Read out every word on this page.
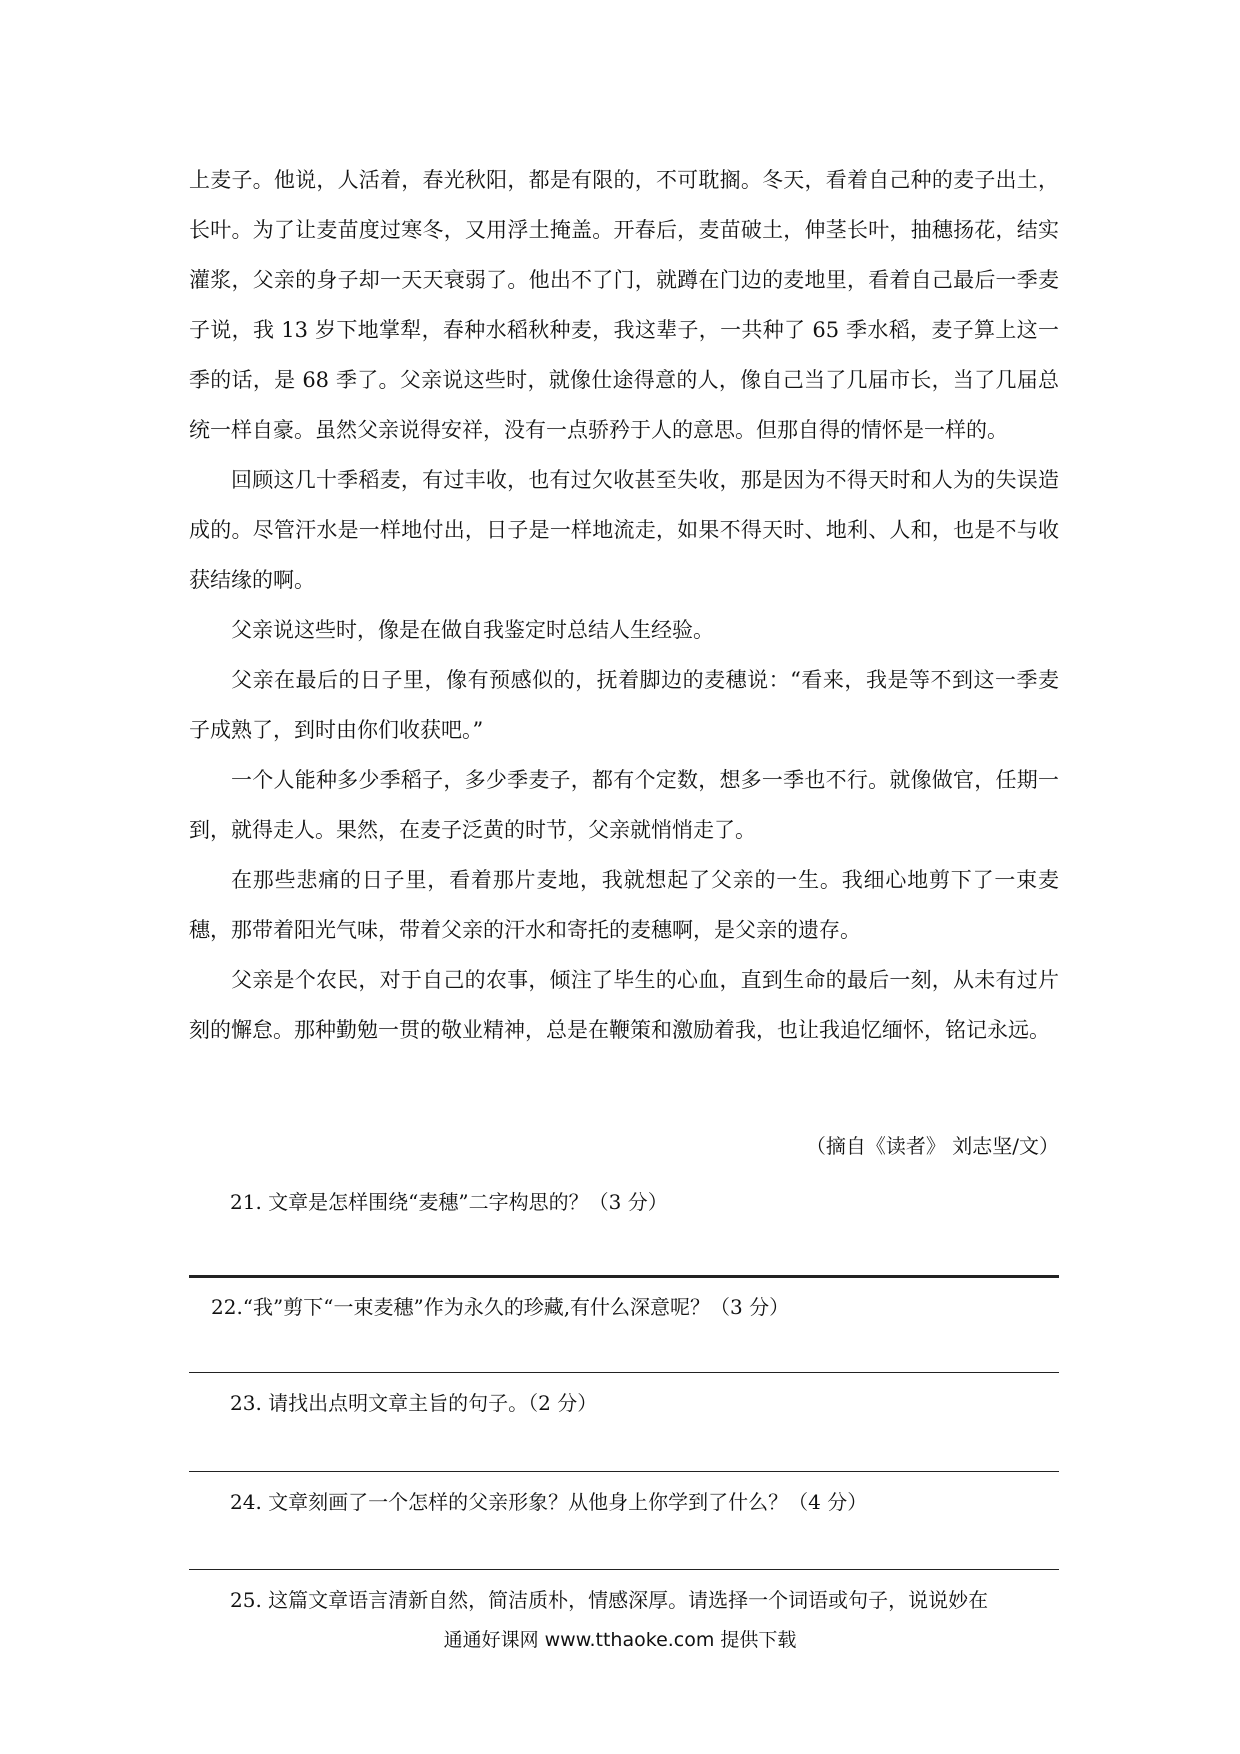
上麦子。他说，人活着，春光秋阳，都是有限的，不可耽搁。冬天，看着自己种的麦子出土，长叶。为了让麦苗度过寒冬，又用浮土掩盖。开春后，麦苗破土，伸茎长叶，抽穗扬花，结实灌浆，父亲的身子却一天天衰弱了。他出不了门，就蹲在门边的麦地里，看着自己最后一季麦子说，我 13 岁下地掌犁，春种水稻秋种麦，我这辈子，一共种了 65 季水稻，麦子算上这一季的话，是 68 季了。父亲说这些时，就像仕途得意的人，像自己当了几届市长，当了几届总统一样自豪。虽然父亲说得安祥，没有一点骄矜于人的意思。但那自得的情怀是一样的。

回顾这几十季稻麦，有过丰收，也有过欠收甚至失收，那是因为不得天时和人为的失误造成的。尽管汗水是一样地付出，日子是一样地流走，如果不得天时、地利、人和，也是不与收获结缘的啊。

父亲说这些时，像是在做自我鉴定时总结人生经验。

父亲在最后的日子里，像有预感似的，抚着脚边的麦穗说：“看来，我是等不到这一季麦子成熟了，到时由你们收获吧。”

一个人能种多少季稻子，多少季麦子，都有个定数，想多一季也不行。就像做官，任期一到，就得走人。果然，在麦子泛黄的时节，父亲就悄悄走了。

在那些悲痛的日子里，看着那片麦地，我就想起了父亲的一生。我细心地剪下了一束麦穗，那带着阳光气味，带着父亲的汗水和寄托的麦穗啊，是父亲的遗存。

父亲是个农民，对于自己的农事，倾注了毕生的心血，直到生命的最后一刻，从未有过片刻的懈怠。那种勤勉一贯的敬业精神，总是在鞭策和激励着我，也让我追忆缅怀，铭记永远。

（摘自《读者》 刘志坚/文）
21. 文章是怎样围绕“麦穗”二字构思的？（3 分）
22.“我”剪下“一束麦穗”作为永久的珍藏,有什么深意呢？（3 分）
23. 请找出点明文章主旨的句子。（2 分）
24. 文章刻画了一个怎样的父亲形象？从他身上你学到了什么？（4 分）
25. 这篇文章语言清新自然，简洁质朴，情感深厚。请选择一个词语或句子，说说妙在
通通好课网 www.tthaoke.com 提供下载
